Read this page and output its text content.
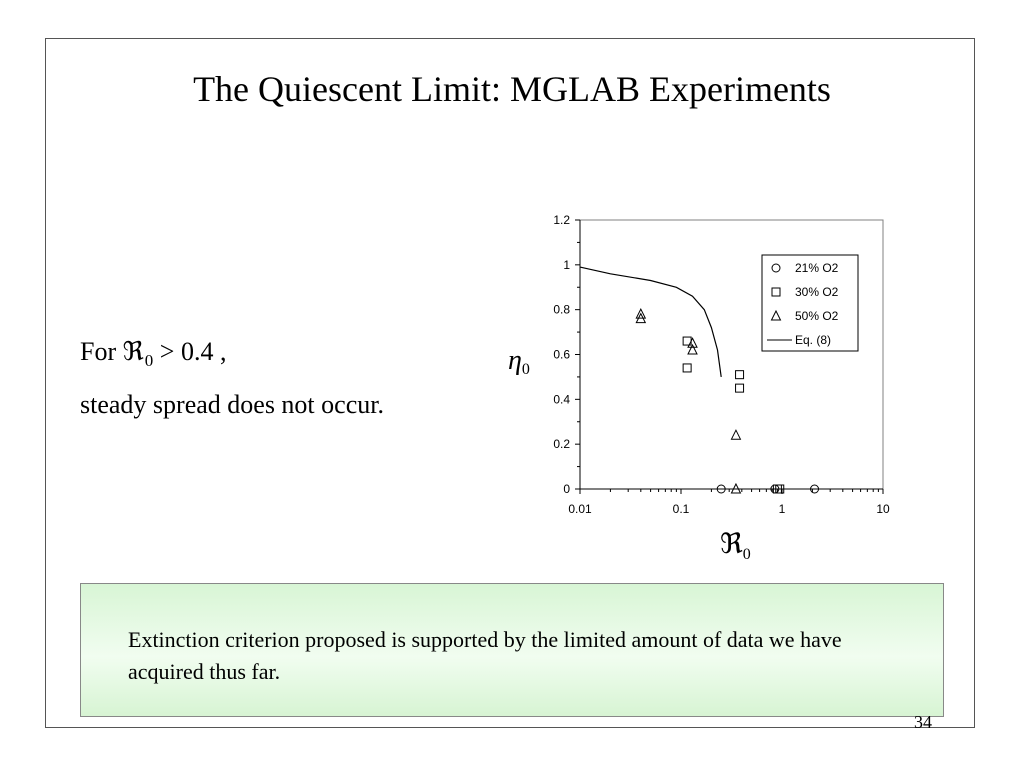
The Quiescent Limit: MGLAB Experiments
For ℜ$_0$ > 0.4 ,
steady spread does not occur.
0
0.2
0.4
0.6
0.8
1
1.2
0.01	0.1	1	10
21% O2
30% O2
50% O2
Eq. (8)
η0
ℜ$_0$
Extinction criterion proposed is supported by the limited amount of data we have acquired thus far.
34
